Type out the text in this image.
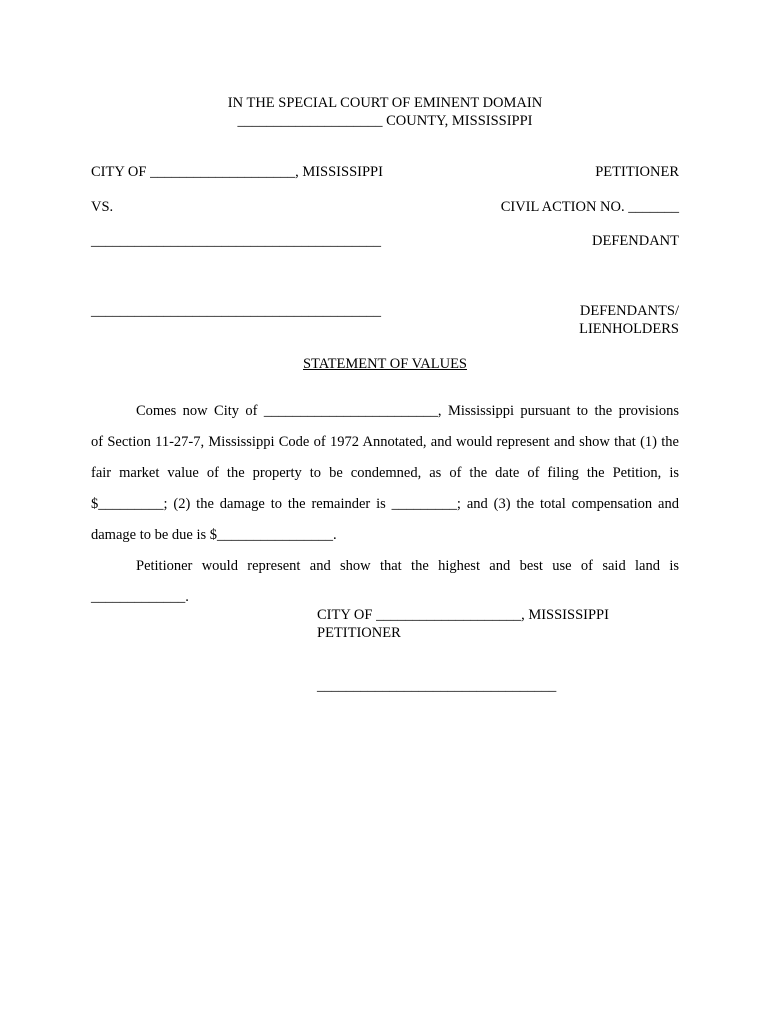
IN THE SPECIAL COURT OF EMINENT DOMAIN
____________________ COUNTY, MISSISSIPPI
CITY OF ____________________, MISSISSIPPI	PETITIONER
VS.	CIVIL ACTION NO. _______
________________________________________	DEFENDANT
________________________________________	DEFENDANTS/
LIENHOLDERS
STATEMENT OF VALUES

Comes now City of ________________________, Mississippi pursuant to the provisions

of Section 11-27-7, Mississippi Code of 1972 Annotated, and would represent and show that (1) the

fair market value of the property to be condemned, as of the date of filing the Petition, is

$_________; (2) the damage to the remainder is _________; and (3) the total compensation and

damage to be due is $________________.

Petitioner would represent and show that the highest and best use of said land is

_____________.

CITY OF ____________________, MISSISSIPPI
PETITIONER
_________________________________
